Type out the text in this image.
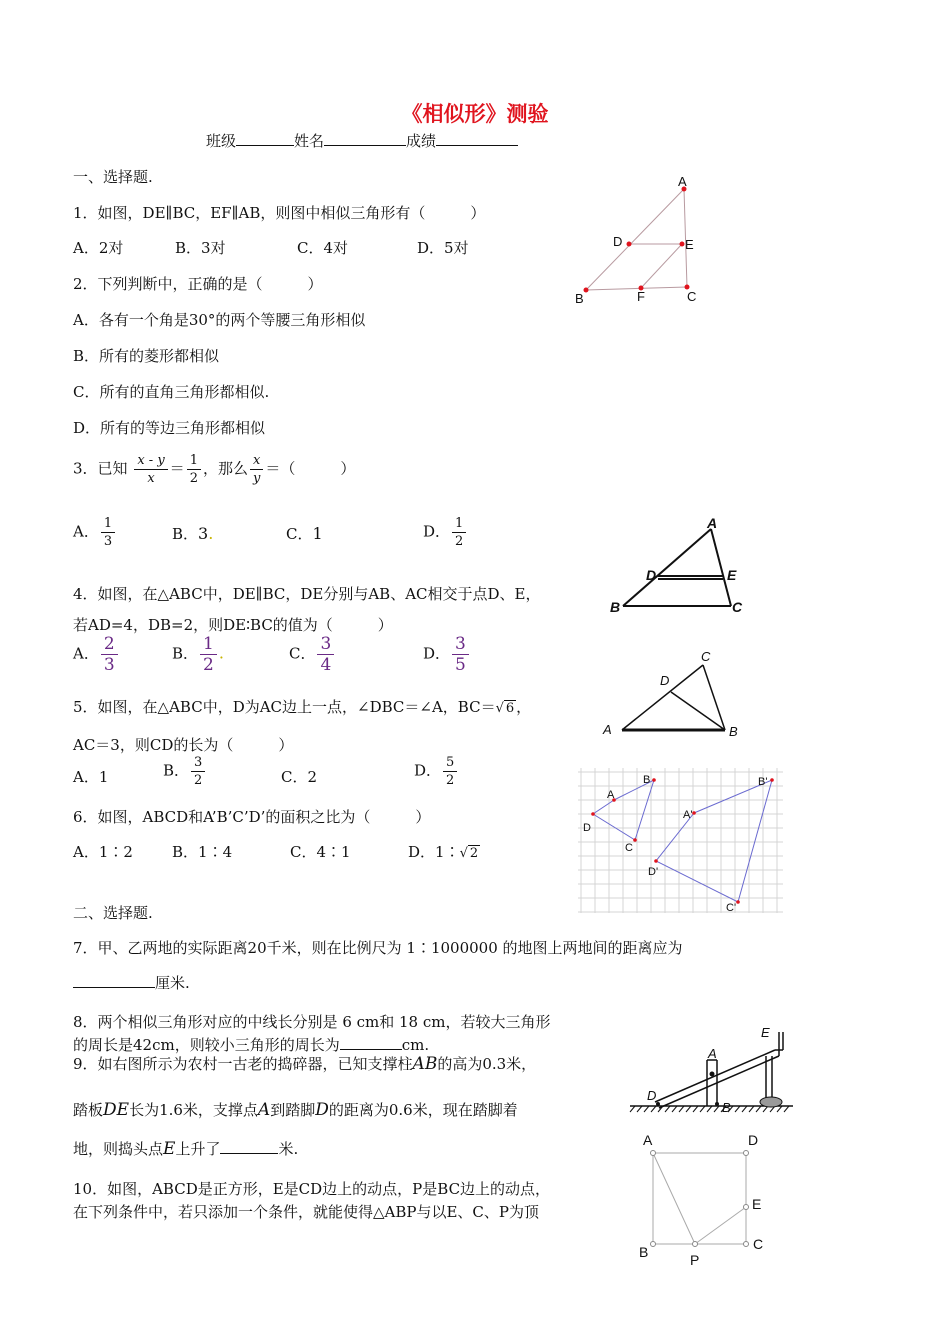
《相似形》测验
班级	姓名	成绩
一、选择题.
1．如图，DE∥BC，EF∥AB，则图中相似三角形有（　　　）
A．2对	B．3对	C．4对	D．5对
2．下列判断中，正确的是（　　　）
A．各有一个角是30°的两个等腰三角形相似
B．所有的菱形都相似
C．所有的直角三角形都相似.
D．所有的等边三角形都相似
3．已知 $\frac{x - y}{x} = \frac{1}{2}$ ，那么 $\frac{x}{y}$ ＝（　　　）
A． $\frac{1}{3}$	B．3.	C．1	D． $\frac{1}{2}$
4．如图，在△ABC中，DE∥BC，DE分别与AB、AC相交于点D、E，
若AD=4，DB=2，则DE∶BC的值为（　　　）
A． $\frac{2}{3}$	B． $\frac{1}{2}$ .	C． $\frac{3}{4}$	D． $\frac{3}{5}$
5．如图，在△ABC中，D为AC边上一点，∠DBC＝∠A，BC＝√ 6 ，
AC＝3，则CD的长为（　　　）
A．1	B． $\frac{3}{2}$	C．2	D． $\frac{5}{2}$
6．如图，ABCD和A’B’C’D’的面积之比为（　　　）
A．1∶2	B．1∶4	C．4∶1	D．1∶√ 2
二、选择题.
7．甲、乙两地的实际距离20千米，则在比例尺为 1∶1000000 的地图上两地间的距离应为
厘米.
8．两个相似三角形对应的中线长分别是 6 cm和 18 cm，若较大三角形
的周长是42cm，则较小三角形的周长为	cm.
9．如右图所示为农村一古老的捣碎器，已知支撑柱AB的高为0.3米，
踏板DE长为1.6米，支撑点A到踏脚D的距离为0.6米，现在踏脚着
地，则捣头点E上升了	米.
10．如图，ABCD是正方形，E是CD边上的动点，P是BC边上的动点，
在下列条件中，若只添加一个条件，就能使得△ABP与以E、C、P为顶
A
D	E
B	F	C
A
D	E
B	C
C
D
A	B
B
A
D
C
B'
A'
D'
C'
E
A
D
B
A	D
E
B	P
C
